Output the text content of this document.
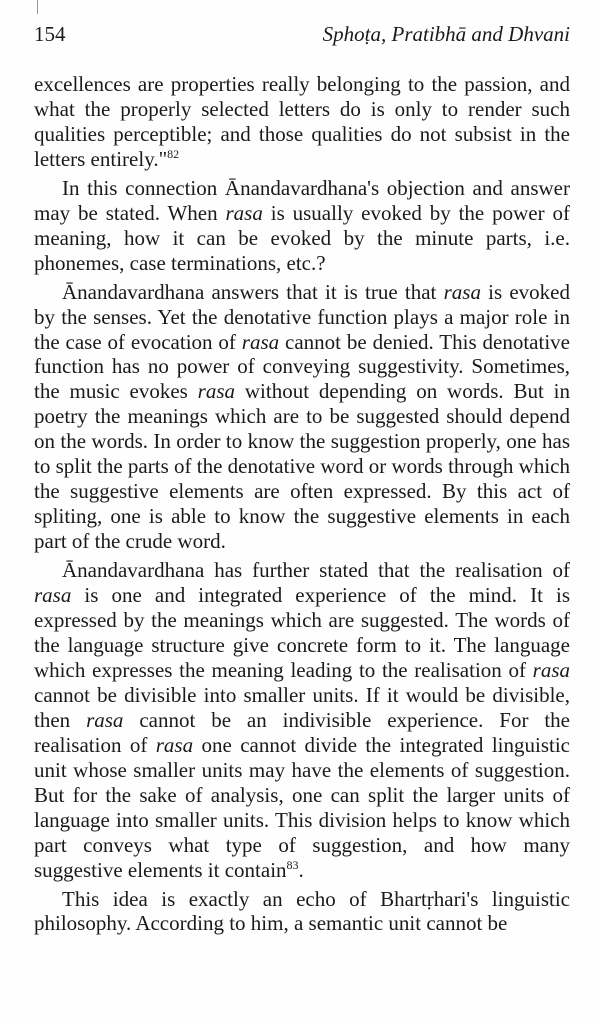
154	Sphoṭa, Pratibhā and Dhvani

excellences are properties really belonging to the passion, and what the properly selected letters do is only to render such qualities perceptible; and those qualities do not subsist in the letters entirely."$^{82}$

In this connection Ānandavardhana's objection and answer may be stated. When rasa is usually evoked by the power of meaning, how it can be evoked by the minute parts, i.e. phonemes, case terminations, etc.?

Ānandavardhana answers that it is true that rasa is evoked by the senses. Yet the denotative function plays a major role in the case of evocation of rasa cannot be denied. This denotative function has no power of conveying suggestivity. Sometimes, the music evokes rasa without depending on words. But in poetry the meanings which are to be suggested should depend on the words. In order to know the suggestion properly, one has to split the parts of the denotative word or words through which the suggestive elements are often expressed. By this act of spliting, one is able to know the suggestive elements in each part of the crude word.

Ānandavardhana has further stated that the realisation of rasa is one and integrated experience of the mind. It is expressed by the meanings which are suggested. The words of the language structure give concrete form to it. The language which expresses the meaning leading to the realisation of rasa cannot be divisible into smaller units. If it would be divisible, then rasa cannot be an indivisible experience. For the realisation of rasa one cannot divide the integrated linguistic unit whose smaller units may have the elements of suggestion. But for the sake of analysis, one can split the larger units of language into smaller units. This division helps to know which part conveys what type of suggestion, and how many suggestive elements it contain$^{83}$.

This idea is exactly an echo of Bhartṛhari's linguistic philosophy. According to him, a semantic unit cannot be
